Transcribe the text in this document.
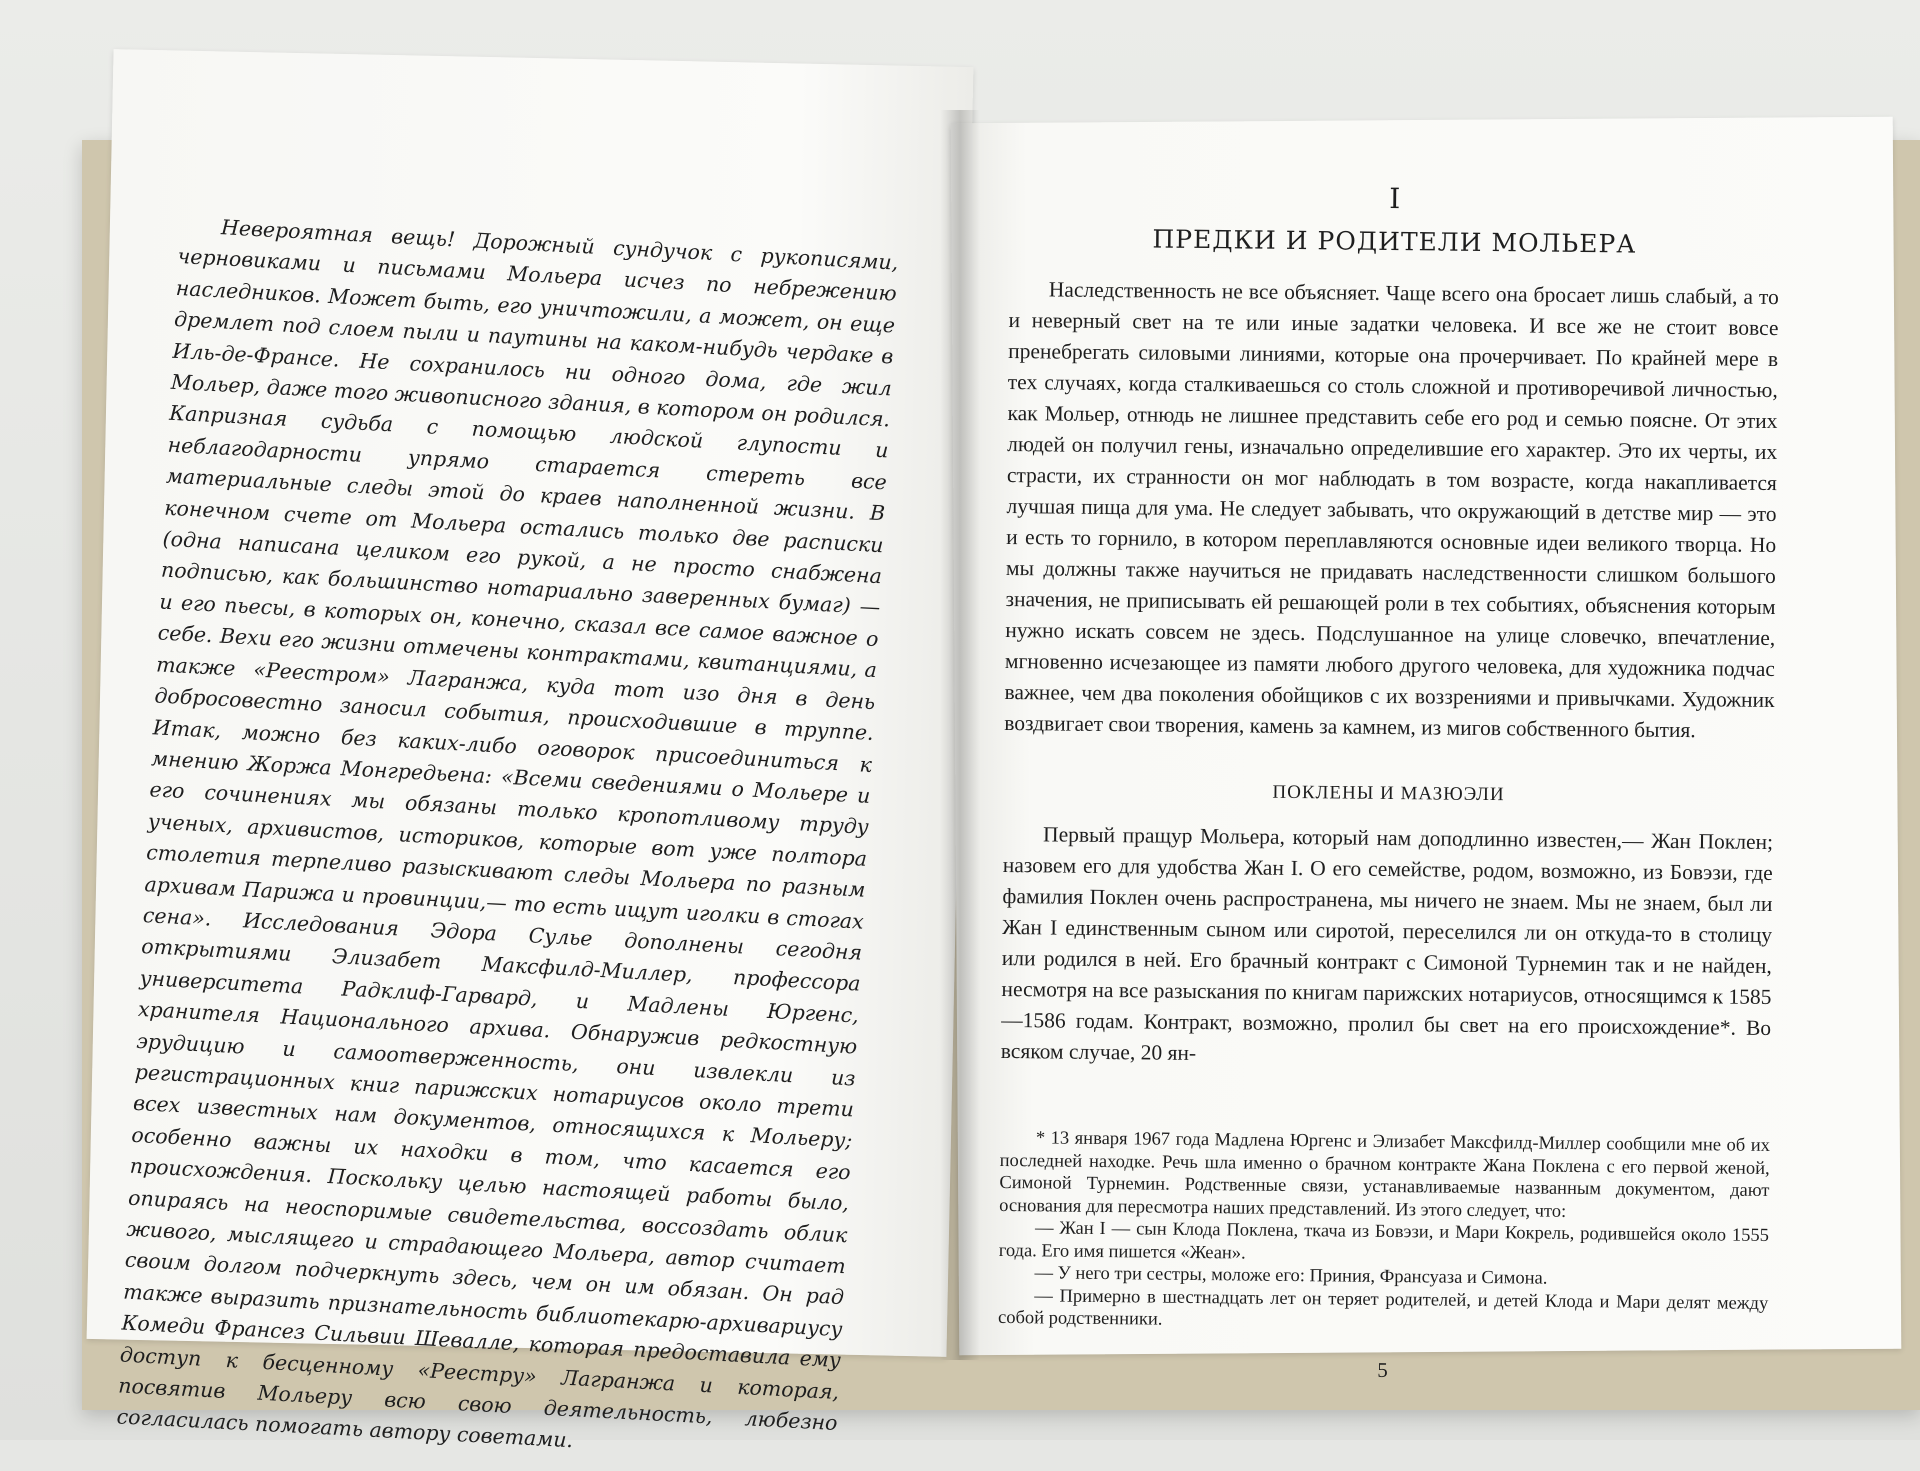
Невероятная вещь! Дорожный сундучок с рукописями, черновиками и письмами Мольера исчез по небрежению наследников. Может быть, его уничтожили, а может, он еще дремлет под слоем пыли и паутины на каком-нибудь чердаке в Иль-де-Франсе. Не сохранилось ни одного дома, где жил Мольер, даже того живописного здания, в котором он родился. Капризная судьба с помощью людской глупости и неблагодарности упрямо старается стереть все материальные следы этой до краев наполненной жизни. В конечном счете от Мольера остались только две расписки (одна написана целиком его рукой, а не просто снабжена подписью, как большинство нотариально заверенных бумаг) — и его пьесы, в которых он, конечно, сказал все самое важное о себе. Вехи его жизни отмечены контрактами, квитанциями, а также «Реестром» Лагранжа, куда тот изо дня в день добросовестно заносил события, происходившие в труппе. Итак, можно без каких-либо оговорок присоединиться к мнению Жоржа Монгредьена: «Всеми сведениями о Мольере и его сочинениях мы обязаны только кропотливому труду ученых, архивистов, историков, которые вот уже полтора столетия терпеливо разыскивают следы Мольера по разным архивам Парижа и провинции,— то есть ищут иголки в стогах сена». Исследования Эдора Сулье дополнены сегодня открытиями Элизабет Максфилд-Миллер, профессора университета Радклиф-Гарвард, и Мадлены Юргенс, хранителя Национального архива. Обнаружив редкостную эрудицию и самоотверженность, они извлекли из регистрационных книг парижских нотариусов около трети всех известных нам документов, относящихся к Мольеру; особенно важны их находки в том, что касается его происхождения. Поскольку целью настоящей работы было, опираясь на неоспоримые свидетельства, воссоздать облик живого, мыслящего и страдающего Мольера, автор считает своим долгом подчеркнуть здесь, чем он им обязан. Он рад также выразить признательность библиотекарю-архивариусу Комеди Франсез Сильвии Шевалле, которая предоставила ему доступ к бесценному «Реестру» Лагранжа и которая, посвятив Мольеру всю свою деятельность, любезно согласилась помогать автору советами.

I
ПРЕДКИ И РОДИТЕЛИ МОЛЬЕРА

Наследственность не все объясняет. Чаще всего она бросает лишь слабый, а то и неверный свет на те или иные задатки человека. И все же не стоит вовсе пренебрегать силовыми линиями, которые она прочерчивает. По крайней мере в тех случаях, когда сталкиваешься со столь сложной и противоречивой личностью, как Мольер, отнюдь не лишнее представить себе его род и семью поясне. От этих людей он получил гены, изначально определившие его характер. Это их черты, их страсти, их странности он мог наблюдать в том возрасте, когда накапливается лучшая пища для ума. Не следует забывать, что окружающий в детстве мир — это и есть то горнило, в котором переплавляются основные идеи великого творца. Но мы должны также научиться не придавать наследственности слишком большого значения, не приписывать ей решающей роли в тех событиях, объяснения которым нужно искать совсем не здесь. Подслушанное на улице словечко, впечатление, мгновенно исчезающее из памяти любого другого человека, для художника подчас важнее, чем два поколения обойщиков с их воззрениями и привычками. Художник воздвигает свои творения, камень за камнем, из мигов собственного бытия.

ПОКЛЕНЫ И МАЗЮЭЛИ

Первый пращур Мольера, который нам доподлинно известен,— Жан Поклен; назовем его для удобства Жан I. О его семействе, родом, возможно, из Бовэзи, где фамилия Поклен очень распространена, мы ничего не знаем. Мы не знаем, был ли Жан I единственным сыном или сиротой, переселился ли он откуда-то в столицу или родился в ней. Его брачный контракт с Симоной Турнемин так и не найден, несмотря на все разыскания по книгам парижских нотариусов, относящимся к 1585—1586 годам. Контракт, возможно, пролил бы свет на его происхождение*. Во всяком случае, 20 ян-

* 13 января 1967 года Мадлена Юргенс и Элизабет Максфилд-Миллер сообщили мне об их последней находке. Речь шла именно о брачном контракте Жана Поклена с его первой женой, Симоной Турнемин. Родственные связи, устанавливаемые названным документом, дают основания для пересмотра наших представлений. Из этого следует, что:

— Жан I — сын Клода Поклена, ткача из Бовэзи, и Мари Кокрель, родившейся около 1555 года. Его имя пишется «Жеан».

— У него три сестры, моложе его: Приния, Франсуаза и Симона.

— Примерно в шестнадцать лет он теряет родителей, и детей Клода и Мари делят между собой родственники.

5
